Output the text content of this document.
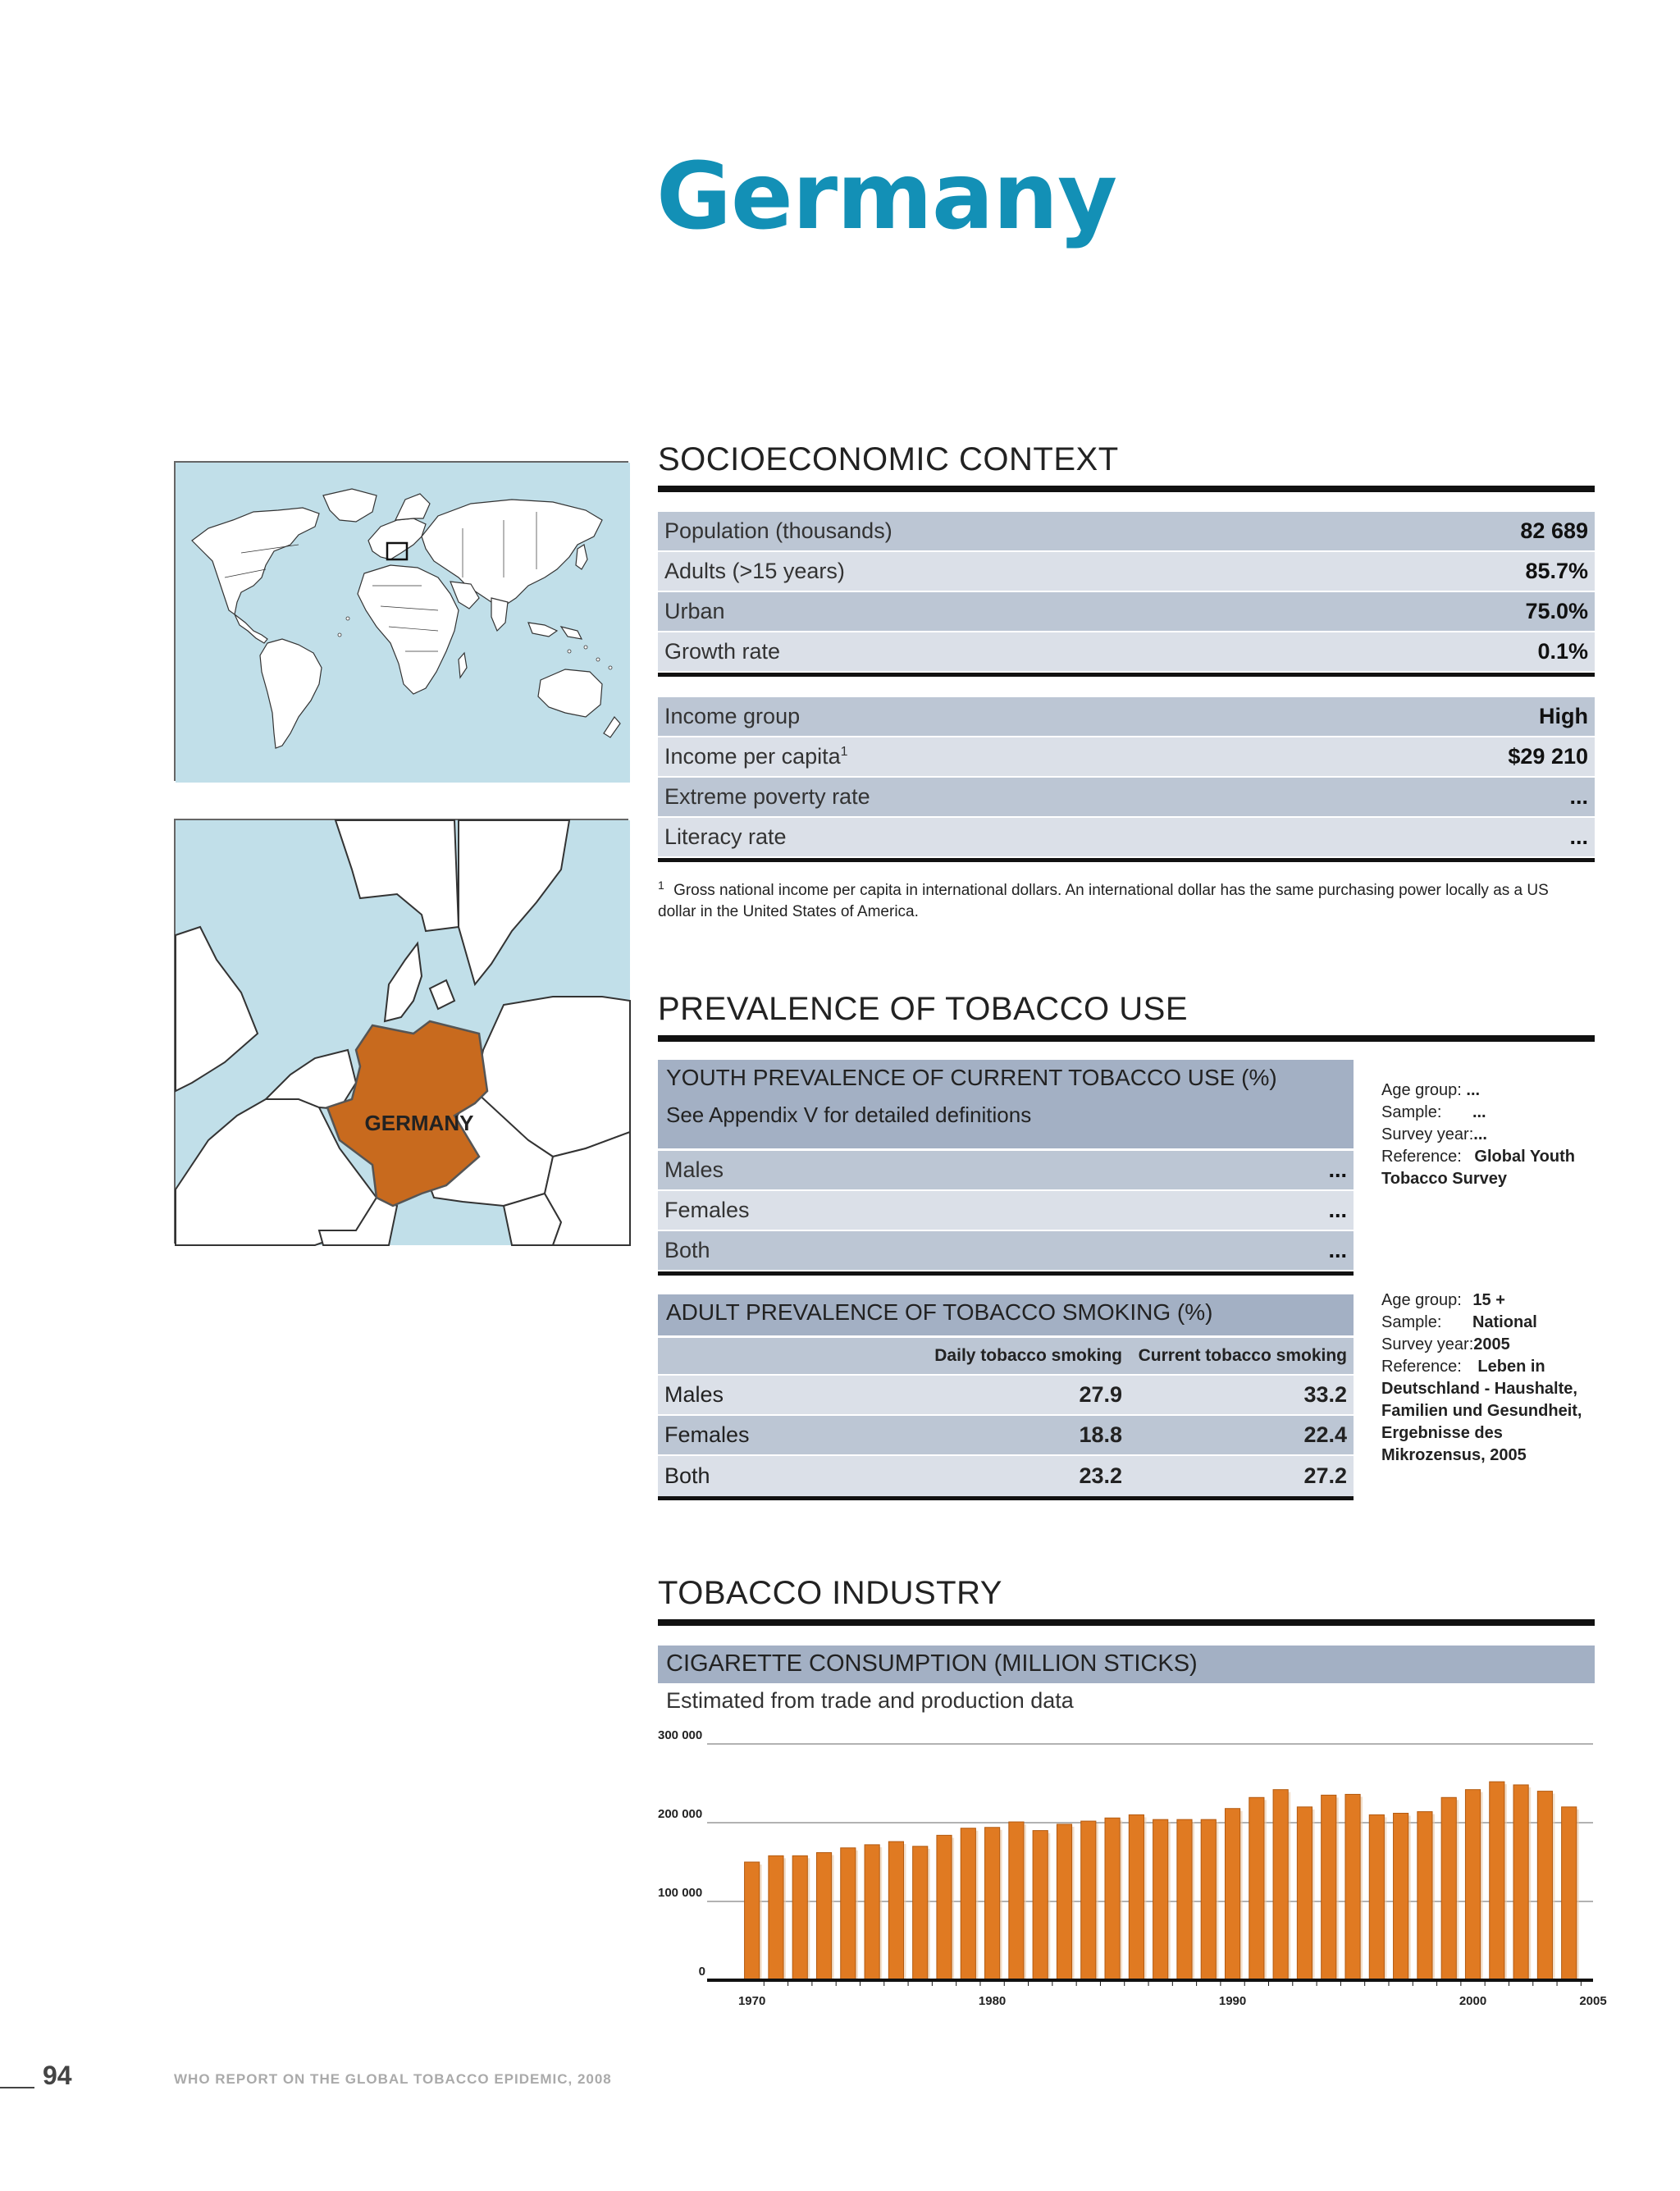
Germany
GERMANY
SOCIOECONOMIC CONTEXT
Population (thousands)	82 689
Adults (>15 years)	85.7%
Urban	75.0%
Growth rate	0.1%
Income group	High
Income per capita$^1$	$29 210
Extreme poverty rate	...
Literacy rate	...
$^1$ Gross national income per capita in international dollars. An international dollar has the same purchasing power locally as a US dollar in the United States of America.
PREVALENCE OF TOBACCO USE
YOUTH PREVALENCE OF CURRENT TOBACCO USE (%)
See Appendix V for detailed definitions
Males	...
Females	...
Both	...
Age group: ...
Sample: ...
Survey year:...
Reference: Global Youth Tobacco Survey
ADULT PREVALENCE OF TOBACCO SMOKING (%)
Daily tobacco smoking Current tobacco smoking
Males	27.9	33.2
Females	18.8	22.4
Both	23.2	27.2
Age group: 15 +
Sample: National
Survey year:2005
Reference: Leben in Deutschland - Haushalte, Familien und Gesundheit, Ergebnisse des Mikrozensus, 2005
TOBACCO INDUSTRY
CIGARETTE CONSUMPTION (MILLION STICKS)
Estimated from trade and production data
0
100 000
200 000
300 000
1970	1980	1990	2000	2005
94	WHO REPORT ON THE GLOBAL TOBACCO EPIDEMIC, 2008
